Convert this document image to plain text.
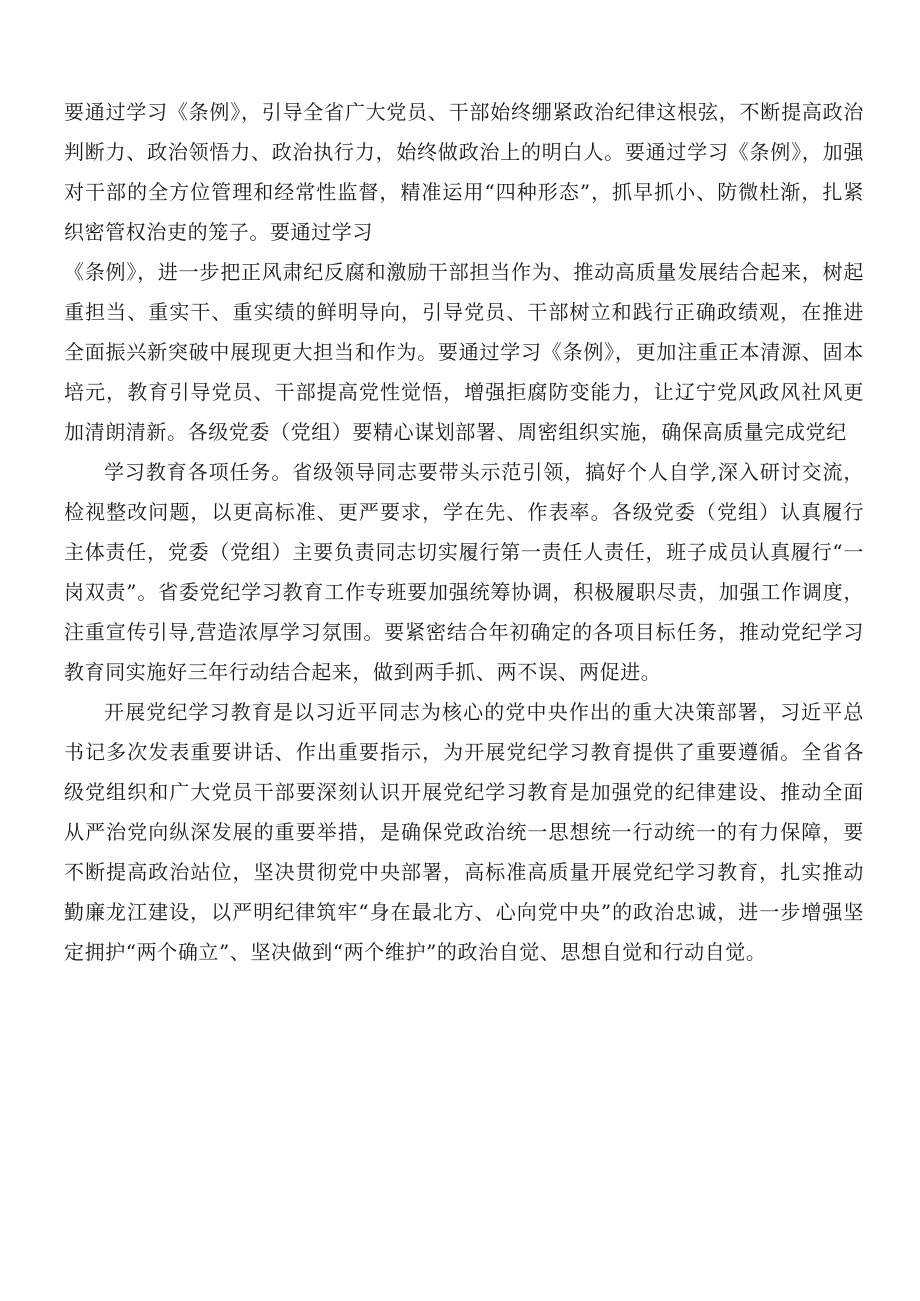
要通过学习《条例》，引导全省广大党员、干部始终绷紧政治纪律这根弦，不断提高政治判断力、政治领悟力、政治执行力，始终做政治上的明白人。要通过学习《条例》，加强对干部的全方位管理和经常性监督，精准运用“四种形态”，抓早抓小、防微杜渐，扎紧织密管权治吏的笼子。要通过学习

《条例》，进一步把正风肃纪反腐和激励干部担当作为、推动高质量发展结合起来，树起重担当、重实干、重实绩的鲜明导向，引导党员、干部树立和践行正确政绩观，在推进全面振兴新突破中展现更大担当和作为。要通过学习《条例》，更加注重正本清源、固本培元，教育引导党员、干部提高党性觉悟，增强拒腐防变能力，让辽宁党风政风社风更加清朗清新。各级党委（党组）要精心谋划部署、周密组织实施，确保高质量完成党纪

学习教育各项任务。省级领导同志要带头示范引领，搞好个人自学,深入研讨交流，检视整改问题，以更高标准、更严要求，学在先、作表率。各级党委（党组）认真履行主体责任，党委（党组）主要负责同志切实履行第一责任人责任，班子成员认真履行“一岗双责”。省委党纪学习教育工作专班要加强统筹协调，积极履职尽责，加强工作调度，注重宣传引导,营造浓厚学习氛围。要紧密结合年初确定的各项目标任务，推动党纪学习教育同实施好三年行动结合起来，做到两手抓、两不误、两促进。

开展党纪学习教育是以习近平同志为核心的党中央作出的重大决策部署，习近平总书记多次发表重要讲话、作出重要指示，为开展党纪学习教育提供了重要遵循。全省各级党组织和广大党员干部要深刻认识开展党纪学习教育是加强党的纪律建设、推动全面从严治党向纵深发展的重要举措，是确保党政治统一思想统一行动统一的有力保障，要不断提高政治站位，坚决贯彻党中央部署，高标准高质量开展党纪学习教育，扎实推动勤廉龙江建设，以严明纪律筑牢“身在最北方、心向党中央”的政治忠诚，进一步增强坚定拥护“两个确立”、坚决做到“两个维护”的政治自觉、思想自觉和行动自觉。
